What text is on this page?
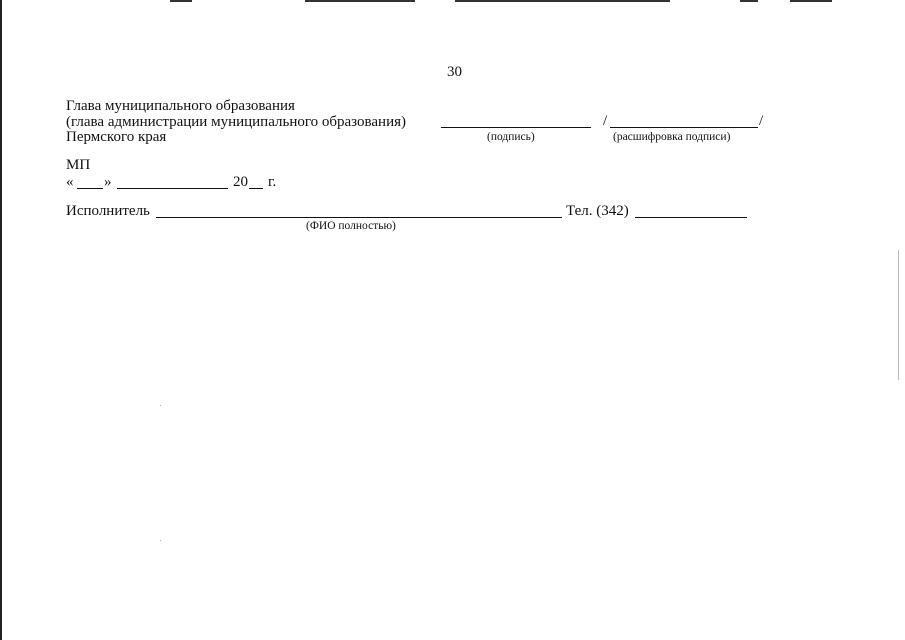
30
Глава муниципального образования
(глава администрации муниципального образования)
Пермского края
/	/
(подпись)	(расшифровка подписи)
МП
« »	20 г.
Исполнитель	Тел. (342)
(ФИО полностью)
